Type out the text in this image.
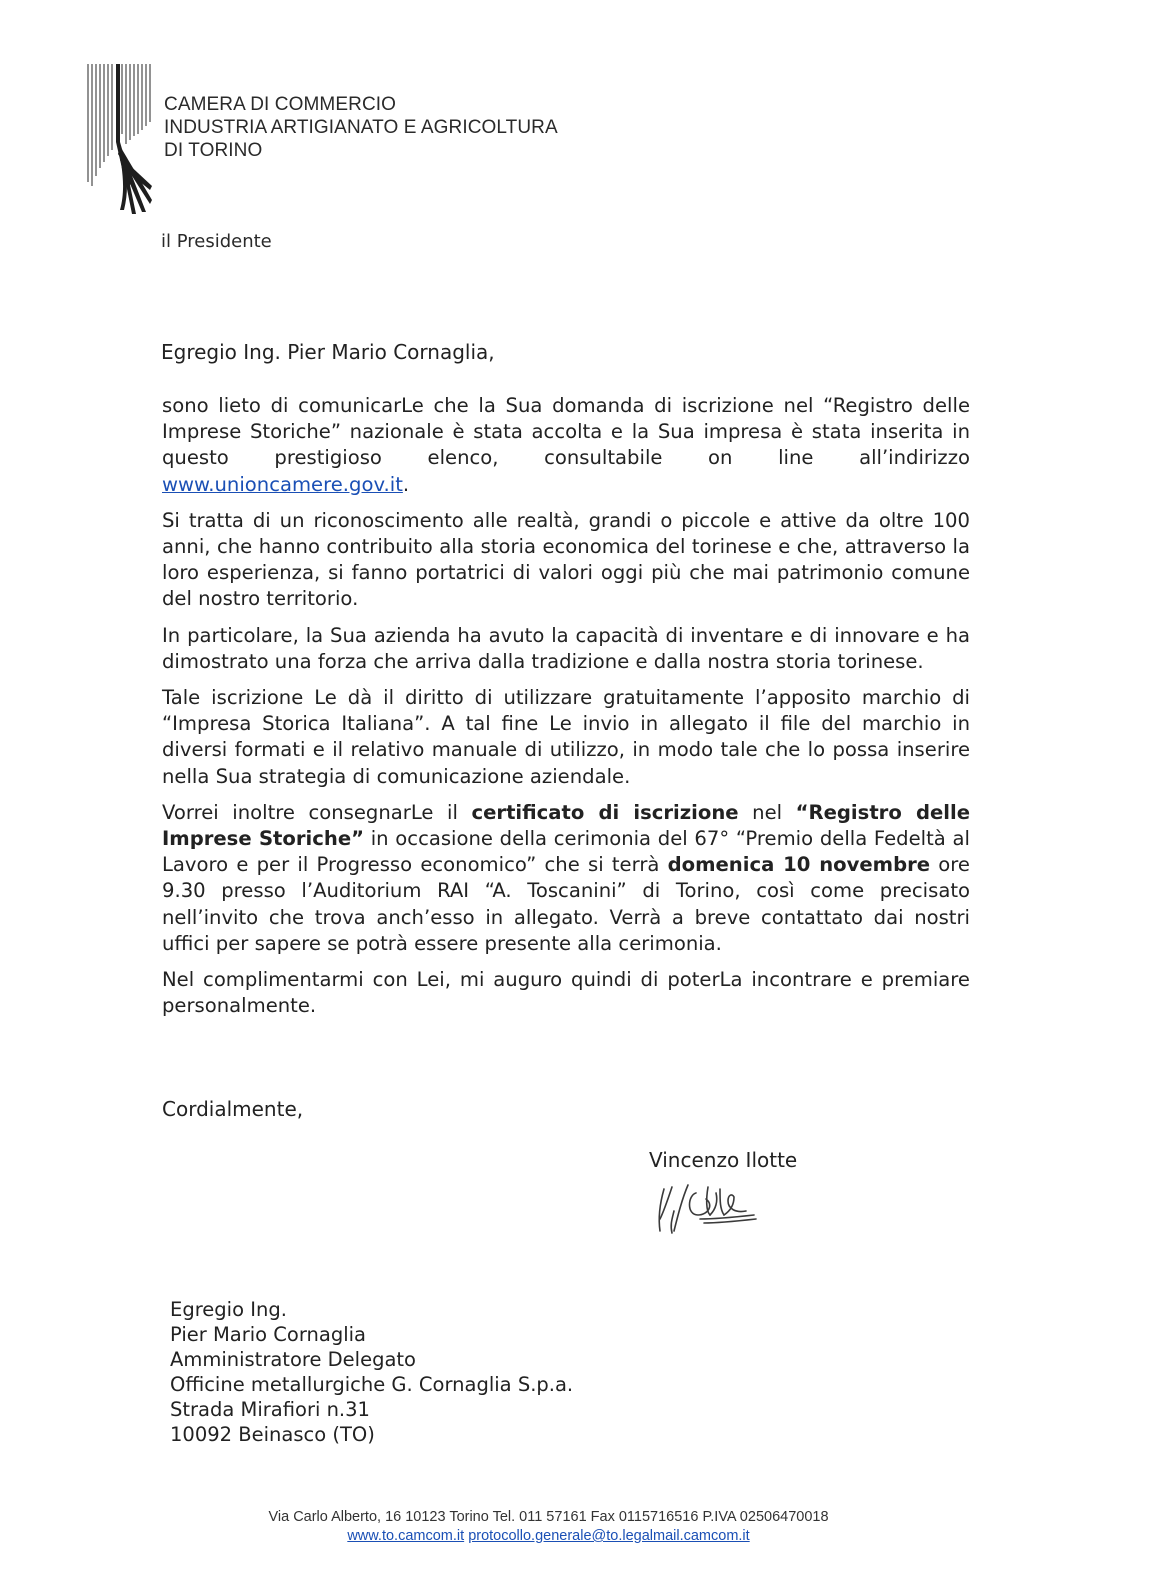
CAMERA DI COMMERCIO
INDUSTRIA ARTIGIANATO E AGRICOLTURA
DI TORINO
il Presidente
Egregio Ing. Pier Mario Cornaglia,

sono lieto di comunicarLe che la Sua domanda di iscrizione nel “Registro delle Imprese Storiche” nazionale è stata accolta e la Sua impresa è stata inserita in questo prestigioso elenco, consultabile on line all’indirizzo www.unioncamere.gov.it.

Si tratta di un riconoscimento alle realtà, grandi o piccole e attive da oltre 100 anni, che hanno contribuito alla storia economica del torinese e che, attraverso la loro esperienza, si fanno portatrici di valori oggi più che mai patrimonio comune del nostro territorio.

In particolare, la Sua azienda ha avuto la capacità di inventare e di innovare e ha dimostrato una forza che arriva dalla tradizione e dalla nostra storia torinese.

Tale iscrizione Le dà il diritto di utilizzare gratuitamente l’apposito marchio di “Impresa Storica Italiana”. A tal fine Le invio in allegato il file del marchio in diversi formati e il relativo manuale di utilizzo, in modo tale che lo possa inserire nella Sua strategia di comunicazione aziendale.

Vorrei inoltre consegnarLe il certificato di iscrizione nel “Registro delle Imprese Storiche” in occasione della cerimonia del 67° “Premio della Fedeltà al Lavoro e per il Progresso economico” che si terrà domenica 10 novembre ore 9.30 presso l’Auditorium RAI “A. Toscanini” di Torino, così come precisato nell’invito che trova anch’esso in allegato. Verrà a breve contattato dai nostri uffici per sapere se potrà essere presente alla cerimonia.

Nel complimentarmi con Lei, mi auguro quindi di poterLa incontrare e premiare personalmente.

Cordialmente,
Vincenzo Ilotte
Egregio Ing.
Pier Mario Cornaglia
Amministratore Delegato
Officine metallurgiche G. Cornaglia S.p.a.
Strada Mirafiori n.31
10092 Beinasco (TO)
Via Carlo Alberto, 16 10123 Torino Tel. 011 57161 Fax 0115716516 P.IVA 02506470018
www.to.camcom.it protocollo.generale@to.legalmail.camcom.it
